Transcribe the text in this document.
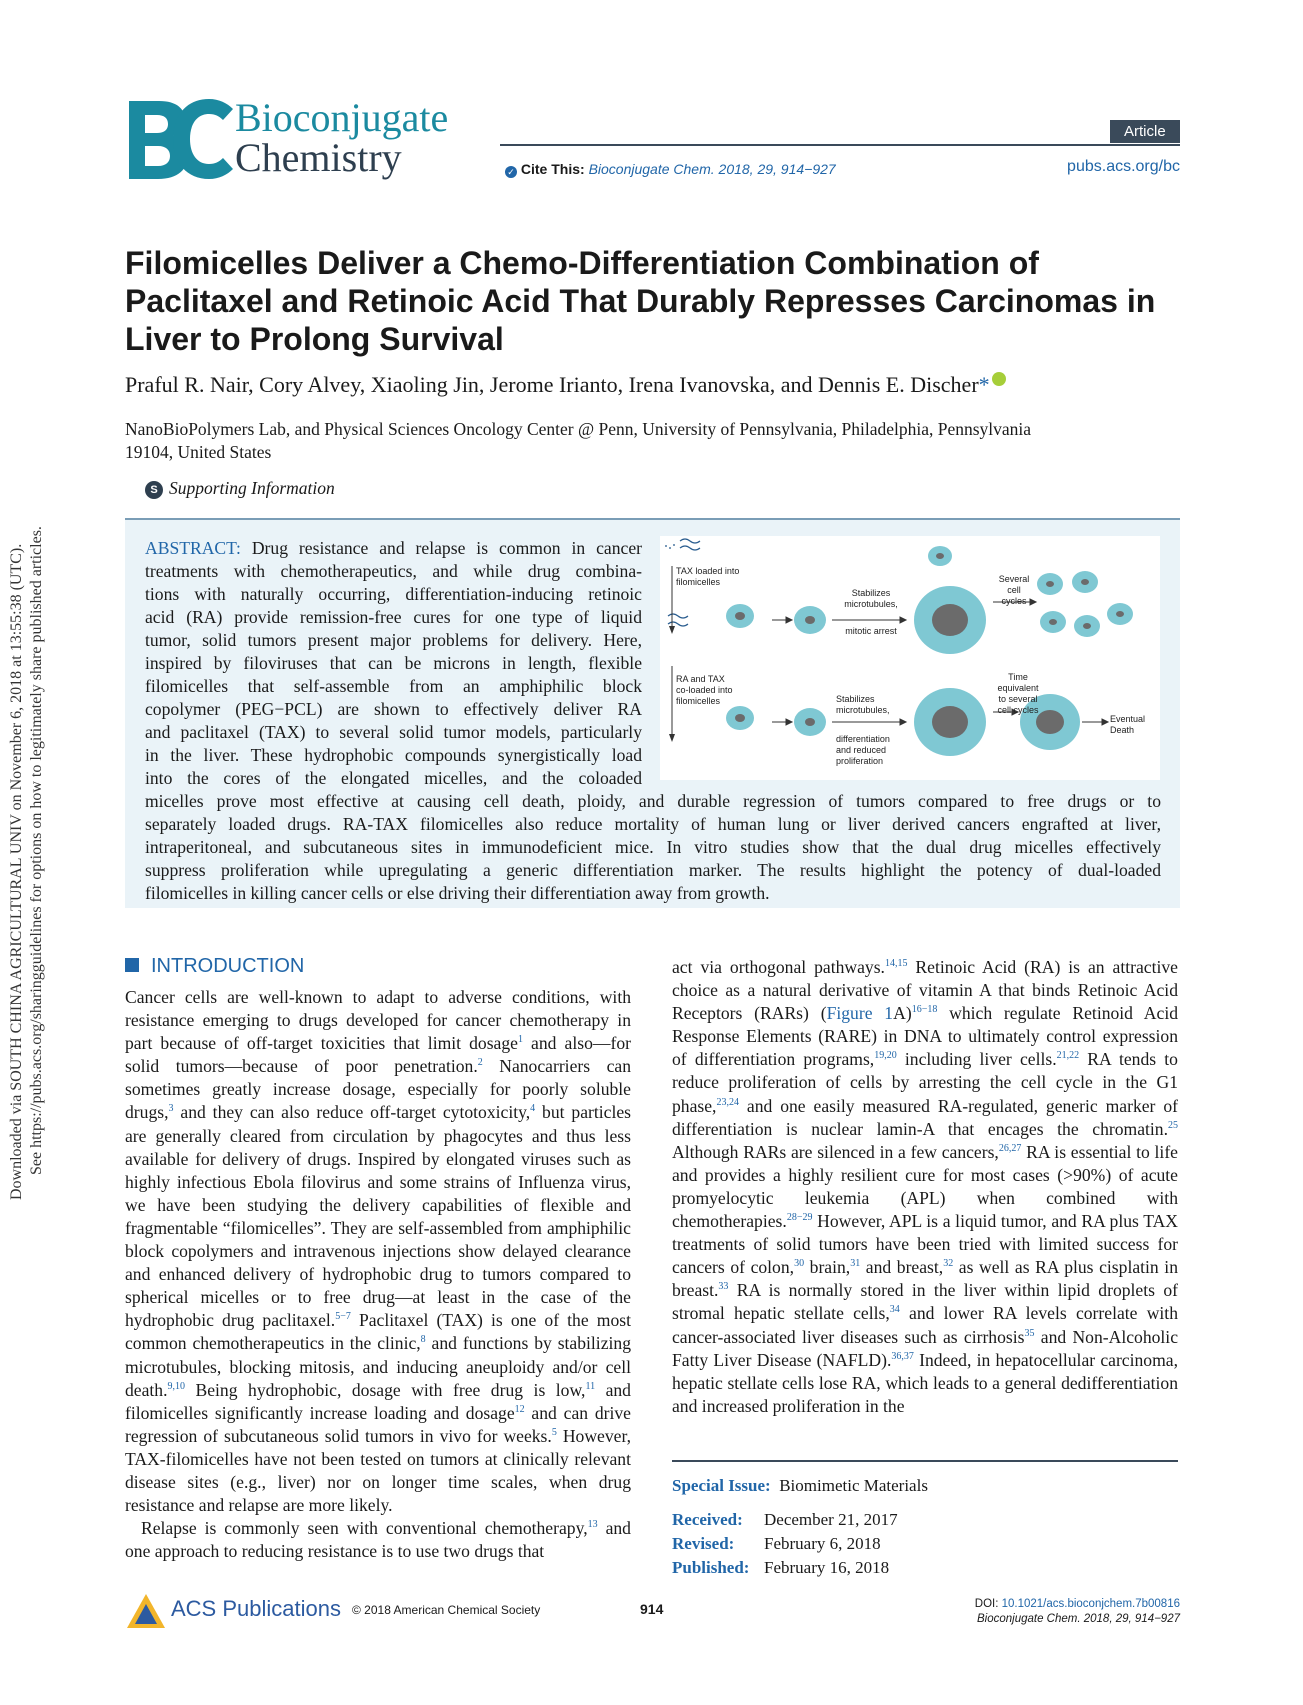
Downloaded via SOUTH CHINA AGRICULTURAL UNIV on November 6, 2018 at 13:55:38 (UTC). See https://pubs.acs.org/sharingguidelines for options on how to legitimately share published articles.
Bioconjugate
Chemistry
Article
✓ Cite This: Bioconjugate Chem. 2018, 29, 914−927	pubs.acs.org/bc
Filomicelles Deliver a Chemo-Differentiation Combination of Paclitaxel and Retinoic Acid That Durably Represses Carcinomas in Liver to Prolong Survival
Praful R. Nair, Cory Alvey, Xiaoling Jin, Jerome Irianto, Irena Ivanovska, and Dennis E. Discher*
NanoBioPolymers Lab, and Physical Sciences Oncology Center @ Penn, University of Pennsylvania, Philadelphia, Pennsylvania
19104, United States
S Supporting Information
ABSTRACT: Drug resistance and relapse is common in cancer
treatments with chemotherapeutics, and while drug combina-
tions with naturally occurring, differentiation-inducing retinoic
acid (RA) provide remission-free cures for one type of liquid
tumor, solid tumors present major problems for delivery. Here,
inspired by filoviruses that can be microns in length, flexible
filomicelles that self-assemble from an amphiphilic block
copolymer (PEG−PCL) are shown to effectively deliver RA
and paclitaxel (TAX) to several solid tumor models, particularly
in the liver. These hydrophobic compounds synergistically load
into the cores of the elongated micelles, and the coloaded
micelles prove most effective at causing cell death, ploidy, and durable regression of tumors compared to free drugs or to
separately loaded drugs. RA-TAX filomicelles also reduce mortality of human lung or liver derived cancers engrafted at liver,
intraperitoneal, and subcutaneous sites in immunodeficient mice. In vitro studies show that the dual drug micelles effectively
suppress proliferation while upregulating a generic differentiation marker. The results highlight the potency of dual-loaded
filomicelles in killing cancer cells or else driving their differentiation away from growth.
TAX loaded into filomicelles
Stabilizes microtubules,
mitotic arrest
Several cell cycles
RA and TAX co-loaded into filomicelles	Stabilizes microtubules,
differentiation and reduced proliferation
Time equivalent to several cell cycles
Eventual Death
INTRODUCTION

Cancer cells are well-known to adapt to adverse conditions, with resistance emerging to drugs developed for cancer chemotherapy in part because of off-target toxicities that limit dosage$^1$ and also—for solid tumors—because of poor penetration.$^2$ Nanocarriers can sometimes greatly increase dosage, especially for poorly soluble drugs,$^3$ and they can also reduce off-target cytotoxicity,$^4$ but particles are generally cleared from circulation by phagocytes and thus less available for delivery of drugs. Inspired by elongated viruses such as highly infectious Ebola filovirus and some strains of Influenza virus, we have been studying the delivery capabilities of flexible and fragmentable “filomicelles”. They are self-assembled from amphiphilic block copolymers and intravenous injections show delayed clearance and enhanced delivery of hydrophobic drug to tumors compared to spherical micelles or to free drug—at least in the case of the hydrophobic drug paclitaxel.$^{5-7}$ Paclitaxel (TAX) is one of the most common chemotherapeutics in the clinic,$^8$ and functions by stabilizing microtubules, blocking mitosis, and inducing aneuploidy and/or cell death.$^{9,10}$ Being hydrophobic, dosage with free drug is low,$^{11}$ and filomicelles significantly increase loading and dosage$^{12}$ and can drive regression of subcutaneous solid tumors in vivo for weeks.$^5$ However, TAX-filomicelles have not been tested on tumors at clinically relevant disease sites (e.g., liver) nor on longer time scales, when drug resistance and relapse are more likely.

Relapse is commonly seen with conventional chemotherapy,$^{13}$ and one approach to reducing resistance is to use two drugs that

act via orthogonal pathways.$^{14,15}$ Retinoic Acid (RA) is an attractive choice as a natural derivative of vitamin A that binds Retinoic Acid Receptors (RARs) (Figure 1A)$^{16-18}$ which regulate Retinoid Acid Response Elements (RARE) in DNA to ultimately control expression of differentiation programs,$^{19,20}$ including liver cells.$^{21,22}$ RA tends to reduce proliferation of cells by arresting the cell cycle in the G1 phase,$^{23,24}$ and one easily measured RA-regulated, generic marker of differentiation is nuclear lamin-A that encages the chromatin.$^{25}$ Although RARs are silenced in a few cancers,$^{26,27}$ RA is essential to life and provides a highly resilient cure for most cases (>90%) of acute promyelocytic leukemia (APL) when combined with chemotherapies.$^{28-29}$ However, APL is a liquid tumor, and RA plus TAX treatments of solid tumors have been tried with limited success for cancers of colon,$^{30}$ brain,$^{31}$ and breast,$^{32}$ as well as RA plus cisplatin in breast.$^{33}$ RA is normally stored in the liver within lipid droplets of stromal hepatic stellate cells,$^{34}$ and lower RA levels correlate with cancer-associated liver diseases such as cirrhosis$^{35}$ and Non-Alcoholic Fatty Liver Disease (NAFLD).$^{36,37}$ Indeed, in hepatocellular carcinoma, hepatic stellate cells lose RA, which leads to a general dedifferentiation and increased proliferation in the

Special Issue: Biomimetic Materials
Received:	December 21, 2017
Revised:	February 6, 2018
Published:	February 16, 2018
ACS Publications © 2018 American Chemical Society	914	DOI: 10.1021/acs.bioconjchem.7b00816
Bioconjugate Chem. 2018, 29, 914−927
